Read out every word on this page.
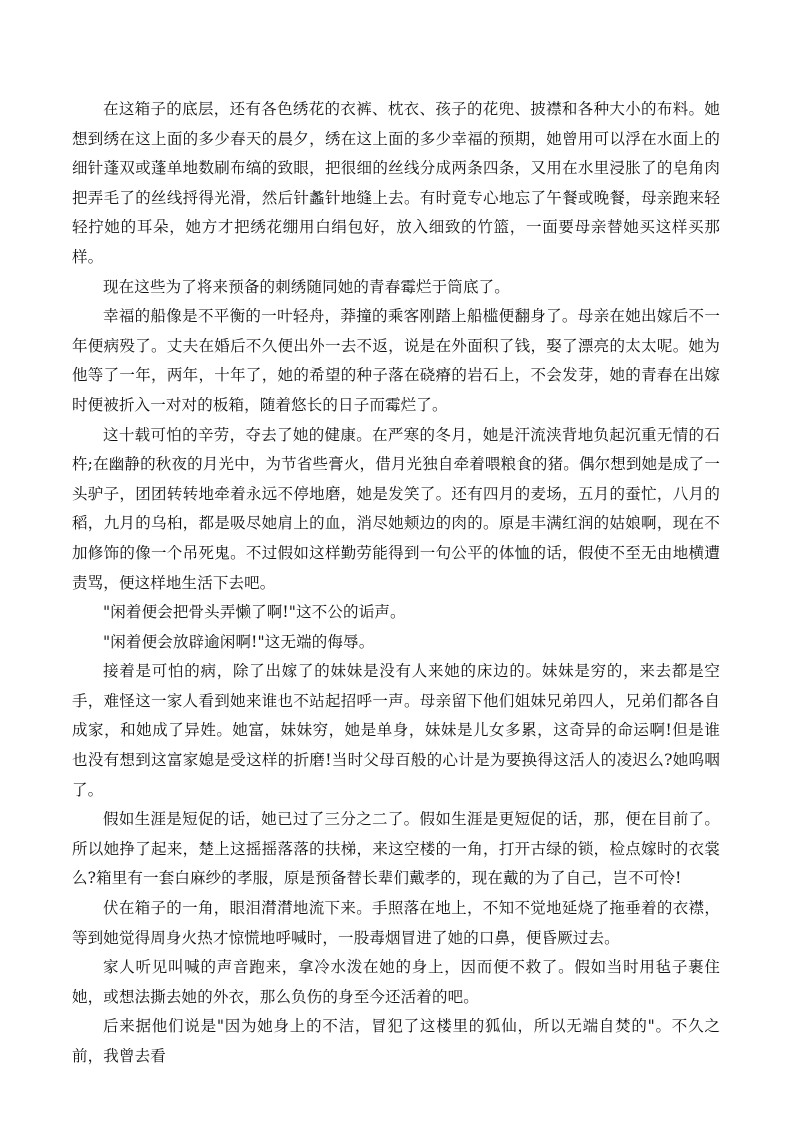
在这箱子的底层，还有各色绣花的衣裤、枕衣、孩子的花兜、披襟和各种大小的布料。她想到绣在这上面的多少春天的晨夕，绣在这上面的多少幸福的预期，她曾用可以浮在水面上的细针蓬双或蓬单地数刷布缟的致眼，把很细的丝线分成两条四条，又用在水里浸胀了的皂角肉把弄毛了的丝线捋得光滑，然后针蠡针地缝上去。有时竟专心地忘了午餐或晚餐，母亲跑来轻轻拧她的耳朵，她方才把绣花绷用白绢包好，放入细致的竹篮，一面要母亲替她买这样买那样。

现在这些为了将来预备的刺绣随同她的青春霉烂于筒底了。

幸福的船像是不平衡的一叶轻舟，莽撞的乘客刚踏上船槛便翻身了。母亲在她出嫁后不一年便病殁了。丈夫在婚后不久便出外一去不返，说是在外面积了钱，娶了漂亮的太太呢。她为他等了一年，两年，十年了，她的希望的种子落在硗瘠的岩石上，不会发芽，她的青春在出嫁时便被折入一对对的板箱，随着悠长的日子而霉烂了。

这十载可怕的辛劳，夺去了她的健康。在严寒的冬月，她是汗流浃背地负起沉重无情的石杵;在幽静的秋夜的月光中，为节省些膏火，借月光独自牵着喂粮食的猪。偶尔想到她是成了一头驴子，团团转转地牵着永远不停地磨，她是发笑了。还有四月的麦场，五月的蚕忙，八月的稻，九月的乌桕，都是吸尽她肩上的血，消尽她颊边的肉的。原是丰满红润的姑娘啊，现在不加修饰的像一个吊死鬼。不过假如这样勤劳能得到一句公平的体恤的话，假使不至无由地横遭责骂，便这样地生活下去吧。

"闲着便会把骨头弄懒了啊!"这不公的诟声。

"闲着便会放辟逾闲啊!"这无端的侮辱。

接着是可怕的病，除了出嫁了的妹妹是没有人来她的床边的。妹妹是穷的，来去都是空手，难怪这一家人看到她来谁也不站起招呼一声。母亲留下他们姐妹兄弟四人，兄弟们都各自成家，和她成了异姓。她富，妹妹穷，她是单身，妹妹是儿女多累，这奇异的命运啊!但是谁也没有想到这富家媳是受这样的折磨!当时父母百般的心计是为要换得这活人的凌迟么?她呜咽了。

假如生涯是短促的话，她已过了三分之二了。假如生涯是更短促的话，那，便在目前了。所以她挣了起来，楚上这摇摇落落的扶梯，来这空楼的一角，打开古绿的锁，检点嫁时的衣裳么?箱里有一套白麻纱的孝服，原是预备替长辈们戴孝的，现在戴的为了自己，岂不可怜!

伏在箱子的一角，眼泪潸潸地流下来。手照落在地上，不知不觉地延烧了拖垂着的衣襟，等到她觉得周身火热才惊慌地呼喊时，一股毒烟冒进了她的口鼻，便昏厥过去。

家人听见叫喊的声音跑来，拿冷水泼在她的身上，因而便不救了。假如当时用毡子裹住她，或想法撕去她的外衣，那么负伤的身至今还活着的吧。

后来据他们说是"因为她身上的不洁，冒犯了这楼里的狐仙，所以无端自焚的"。不久之前，我曾去看
